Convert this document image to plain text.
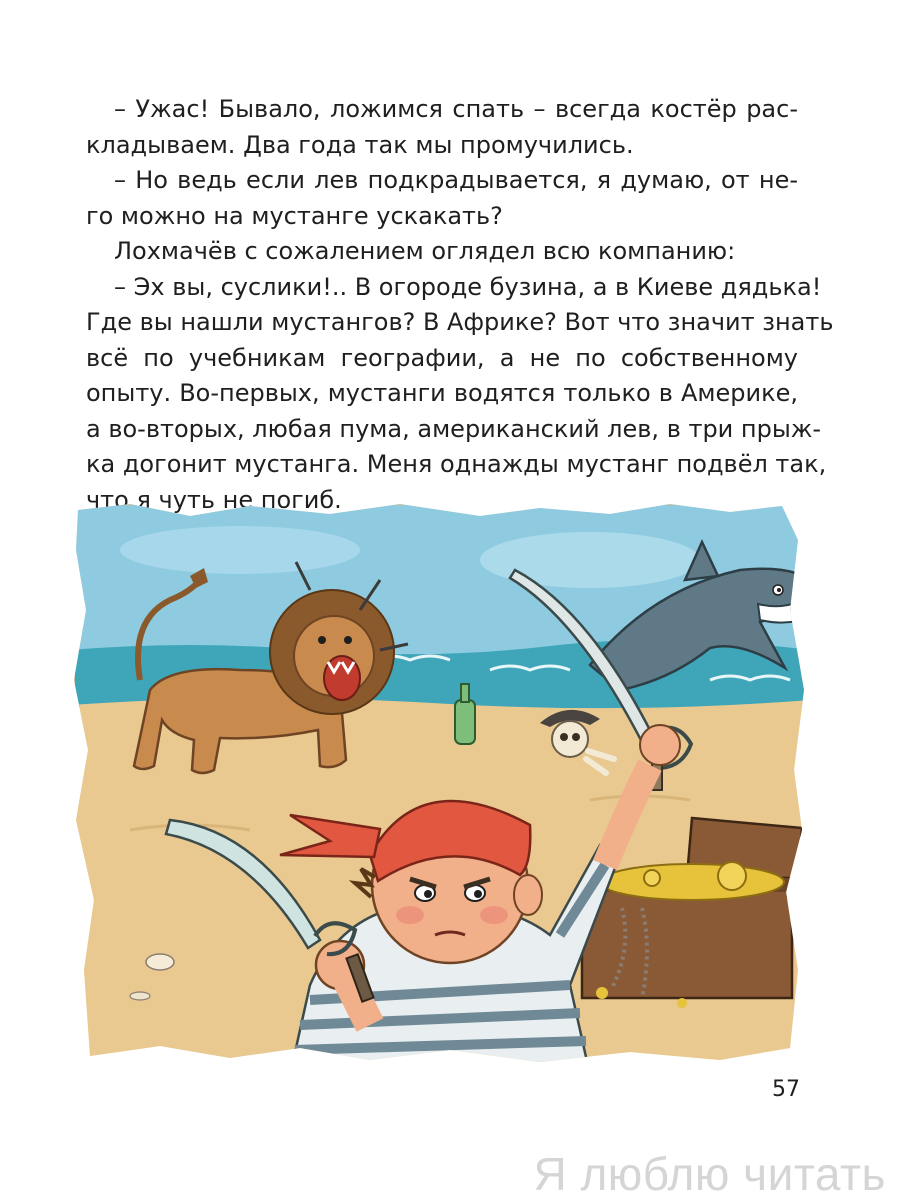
– Ужас! Бывало, ложимся спать – всегда костёр рас-
кладываем. Два года так мы промучились.

– Но ведь если лев подкрадывается, я думаю, от не-
го можно на мустанге ускакать?

Лохмачёв с сожалением оглядел всю компанию:

– Эх вы, суслики!.. В огороде бузина, а в Киеве дядька!
Где вы нашли мустангов? В Африке? Вот что значит знать
всё по учебникам географии, а не по собственному
опыту. Во-первых, мустанги водятся только в Америке,
а во-вторых, любая пума, американский лев, в три прыж-
ка догонит мустанга. Меня однажды мустанг подвёл так,
что я чуть не погиб.

57
Я люблю читать
